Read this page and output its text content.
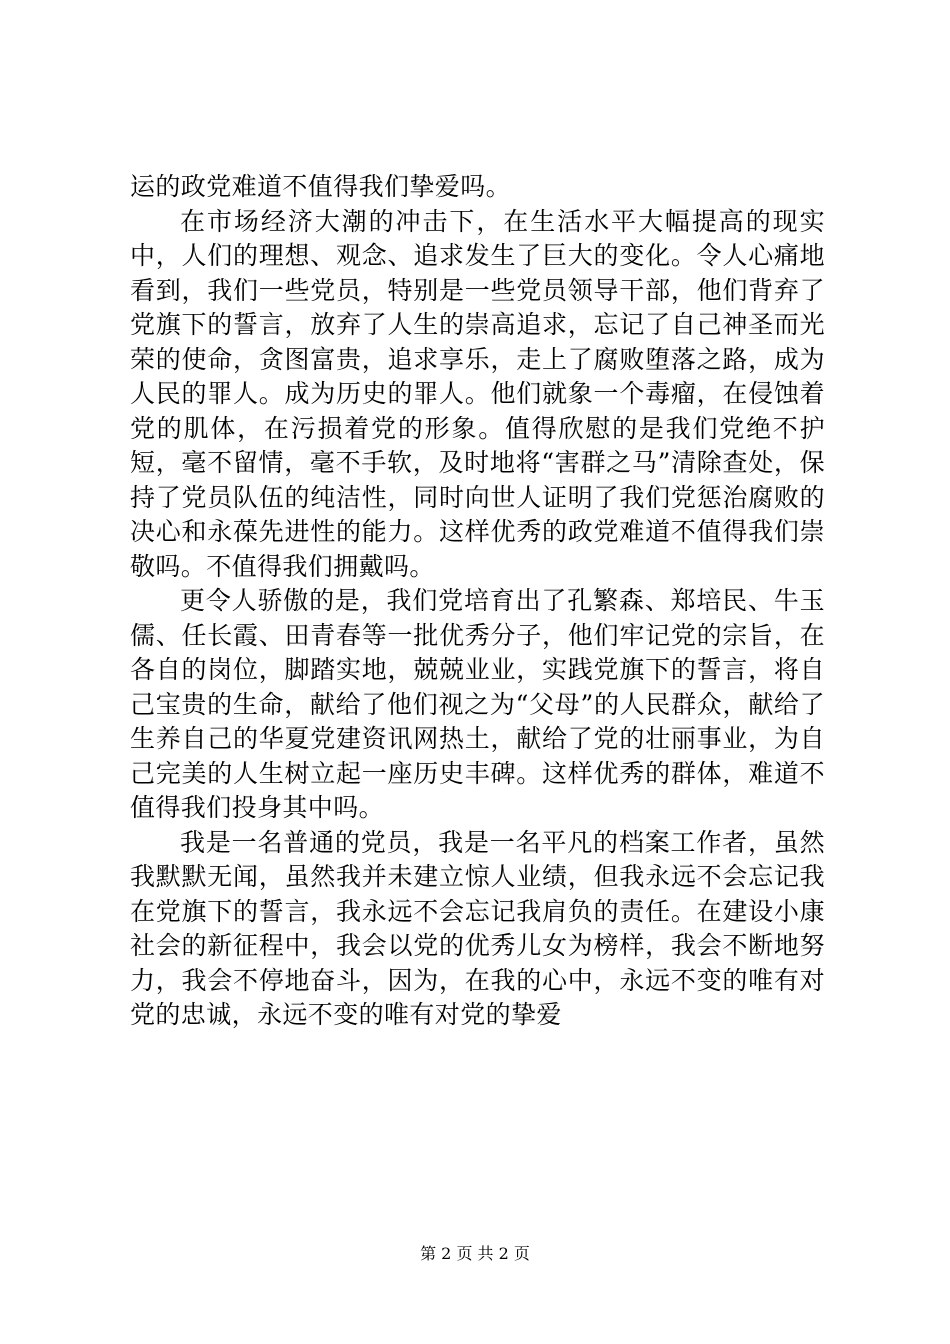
运的政党难道不值得我们挚爱吗。

在市场经济大潮的冲击下，在生活水平大幅提高的现实中，人们的理想、观念、追求发生了巨大的变化。令人心痛地看到，我们一些党员，特别是一些党员领导干部，他们背弃了党旗下的誓言，放弃了人生的崇高追求，忘记了自己神圣而光荣的使命，贪图富贵，追求享乐，走上了腐败堕落之路，成为人民的罪人。成为历史的罪人。他们就象一个毒瘤，在侵蚀着党的肌体，在污损着党的形象。值得欣慰的是我们党绝不护短，毫不留情，毫不手软，及时地将“害群之马”清除查处，保持了党员队伍的纯洁性，同时向世人证明了我们党惩治腐败的决心和永葆先进性的能力。这样优秀的政党难道不值得我们崇敬吗。不值得我们拥戴吗。

更令人骄傲的是，我们党培育出了孔繁森、郑培民、牛玉儒、任长霞、田青春等一批优秀分子，他们牢记党的宗旨，在各自的岗位，脚踏实地，兢兢业业，实践党旗下的誓言，将自己宝贵的生命，献给了他们视之为“父母”的人民群众，献给了生养自己的华夏党建资讯网热土，献给了党的壮丽事业，为自己完美的人生树立起一座历史丰碑。这样优秀的群体，难道不值得我们投身其中吗。

我是一名普通的党员，我是一名平凡的档案工作者，虽然我默默无闻，虽然我并未建立惊人业绩，但我永远不会忘记我在党旗下的誓言，我永远不会忘记我肩负的责任。在建设小康社会的新征程中，我会以党的优秀儿女为榜样，我会不断地努力，我会不停地奋斗，因为，在我的心中，永远不变的唯有对党的忠诚，永远不变的唯有对党的挚爱

第 2 页 共 2 页
